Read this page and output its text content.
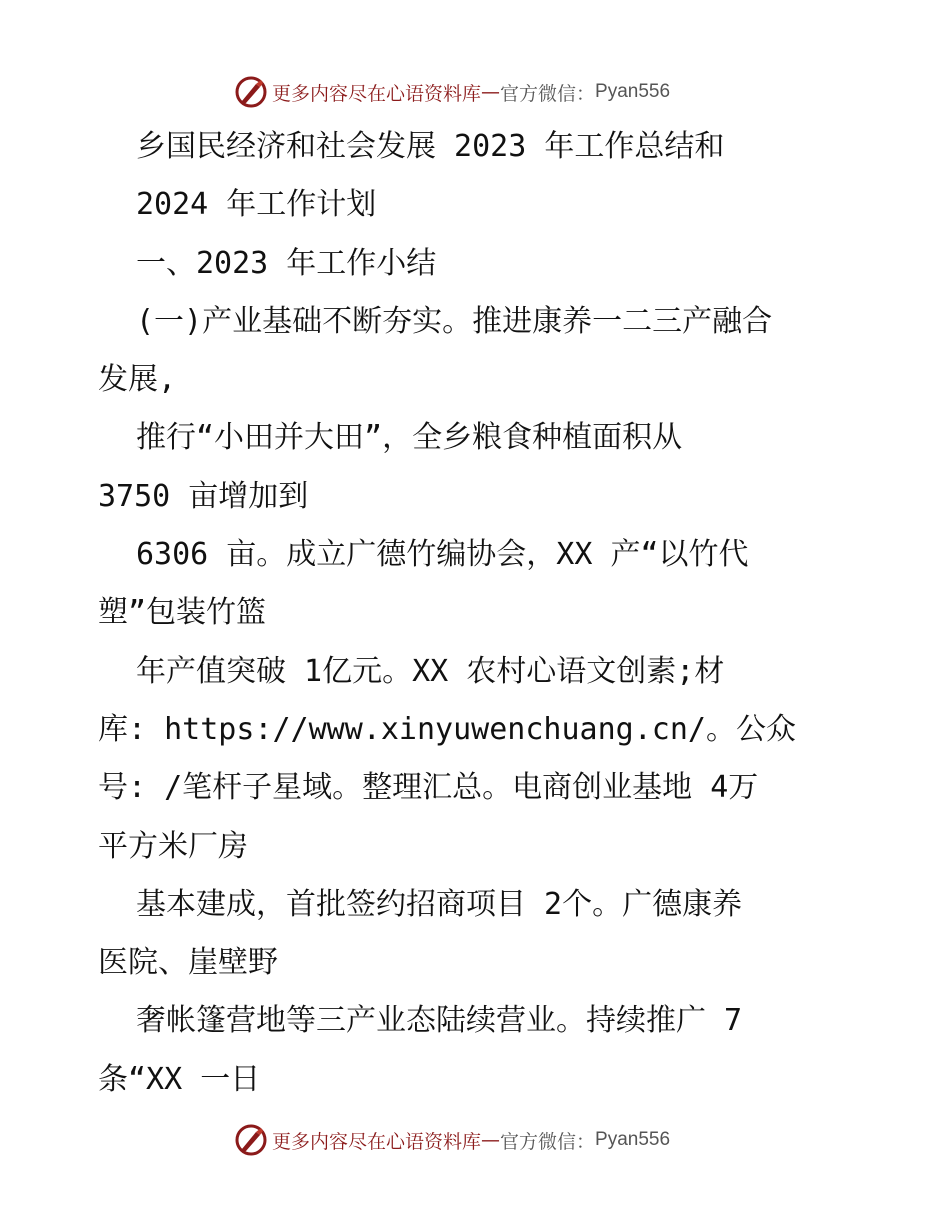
更多内容尽在心语资料库 — 官方微信： Pyan556
乡国民经济和社会发展 2023 年工作总结和
2024 年工作计划
一、2023 年工作小结
(一)产业基础不断夯实。推进康养一二三产融合
发展,
推行“小田并大田”，全乡粮食种植面积从
3750 亩增加到
6306 亩。成立广德竹编协会，XX 产“以竹代
塑”包装竹篮
年产值突破 1亿元。XX 农村心语文创素;材
库: https://www.xinyuwenchuang.cn/。公众
号: /笔杆子星域。整理汇总。电商创业基地 4万
平方米厂房
基本建成，首批签约招商项目 2个。广德康养
医院、崖壁野
奢帐篷营地等三产业态陆续营业。持续推广 7
条“XX 一日
更多内容尽在心语资料库 — 官方微信： Pyan556
